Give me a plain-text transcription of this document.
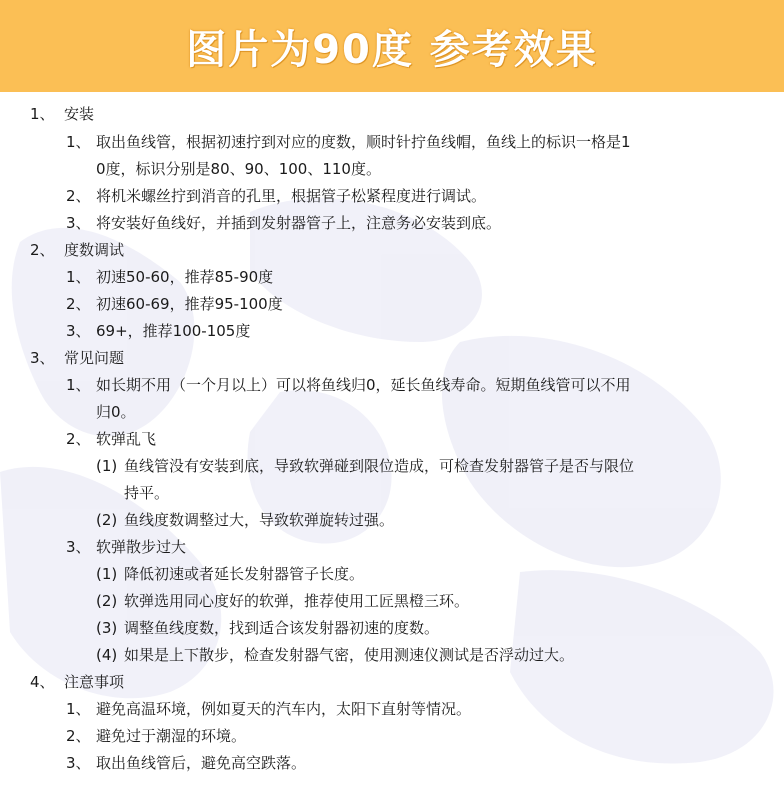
图片为90度 参考效果
1、 安装
1、 取出鱼线管，根据初速拧到对应的度数，顺时针拧鱼线帽，鱼线上的标识一格是1
0度，标识分别是80、90、100、110度。
2、 将机米螺丝拧到消音的孔里，根据管子松紧程度进行调试。
3、 将安装好鱼线好，并插到发射器管子上，注意务必安装到底。
2、 度数调试
1、 初速50-60，推荐85-90度
2、 初速60-69，推荐95-100度
3、 69+，推荐100-105度
3、 常见问题
1、 如长期不用（一个月以上）可以将鱼线归0，延长鱼线寿命。短期鱼线管可以不用
归0。
2、 软弹乱飞
(1) 鱼线管没有安装到底，导致软弹碰到限位造成，可检查发射器管子是否与限位
持平。
(2) 鱼线度数调整过大，导致软弹旋转过强。
3、 软弹散步过大
(1) 降低初速或者延长发射器管子长度。
(2) 软弹选用同心度好的软弹，推荐使用工匠黑橙三环。
(3) 调整鱼线度数，找到适合该发射器初速的度数。
(4) 如果是上下散步，检查发射器气密，使用测速仪测试是否浮动过大。
4、 注意事项
1、 避免高温环境，例如夏天的汽车内，太阳下直射等情况。
2、 避免过于潮湿的环境。
3、 取出鱼线管后，避免高空跌落。
